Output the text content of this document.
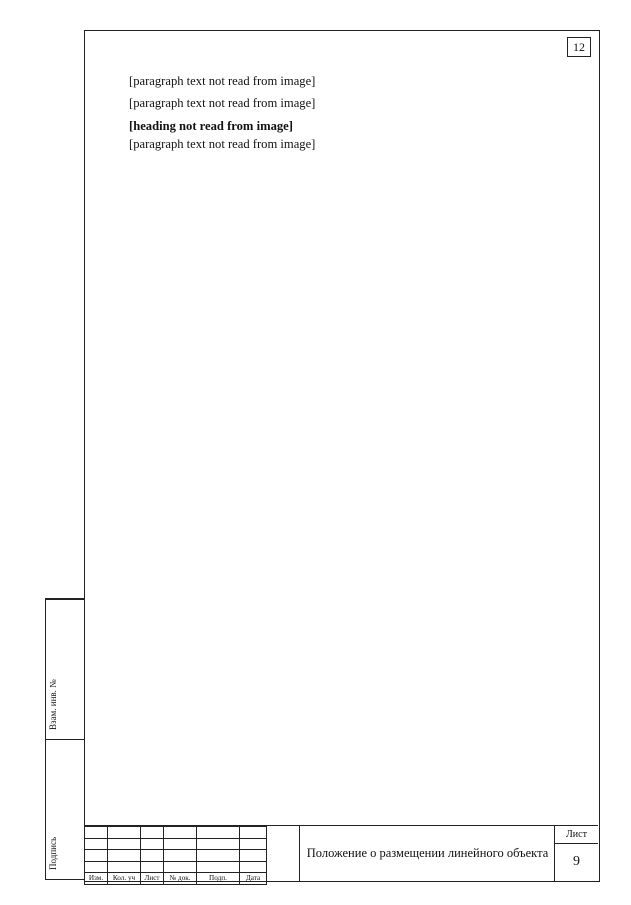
12

[paragraph text not read from image]

[paragraph text not read from image]

[heading not read from image]

[paragraph text not read from image]

Взам. инв. №
Подпись

Изм.	Кол. уч	Лист	№ док.	Подп.	Дата
Положение о размещении линейного объекта
Лист
9
